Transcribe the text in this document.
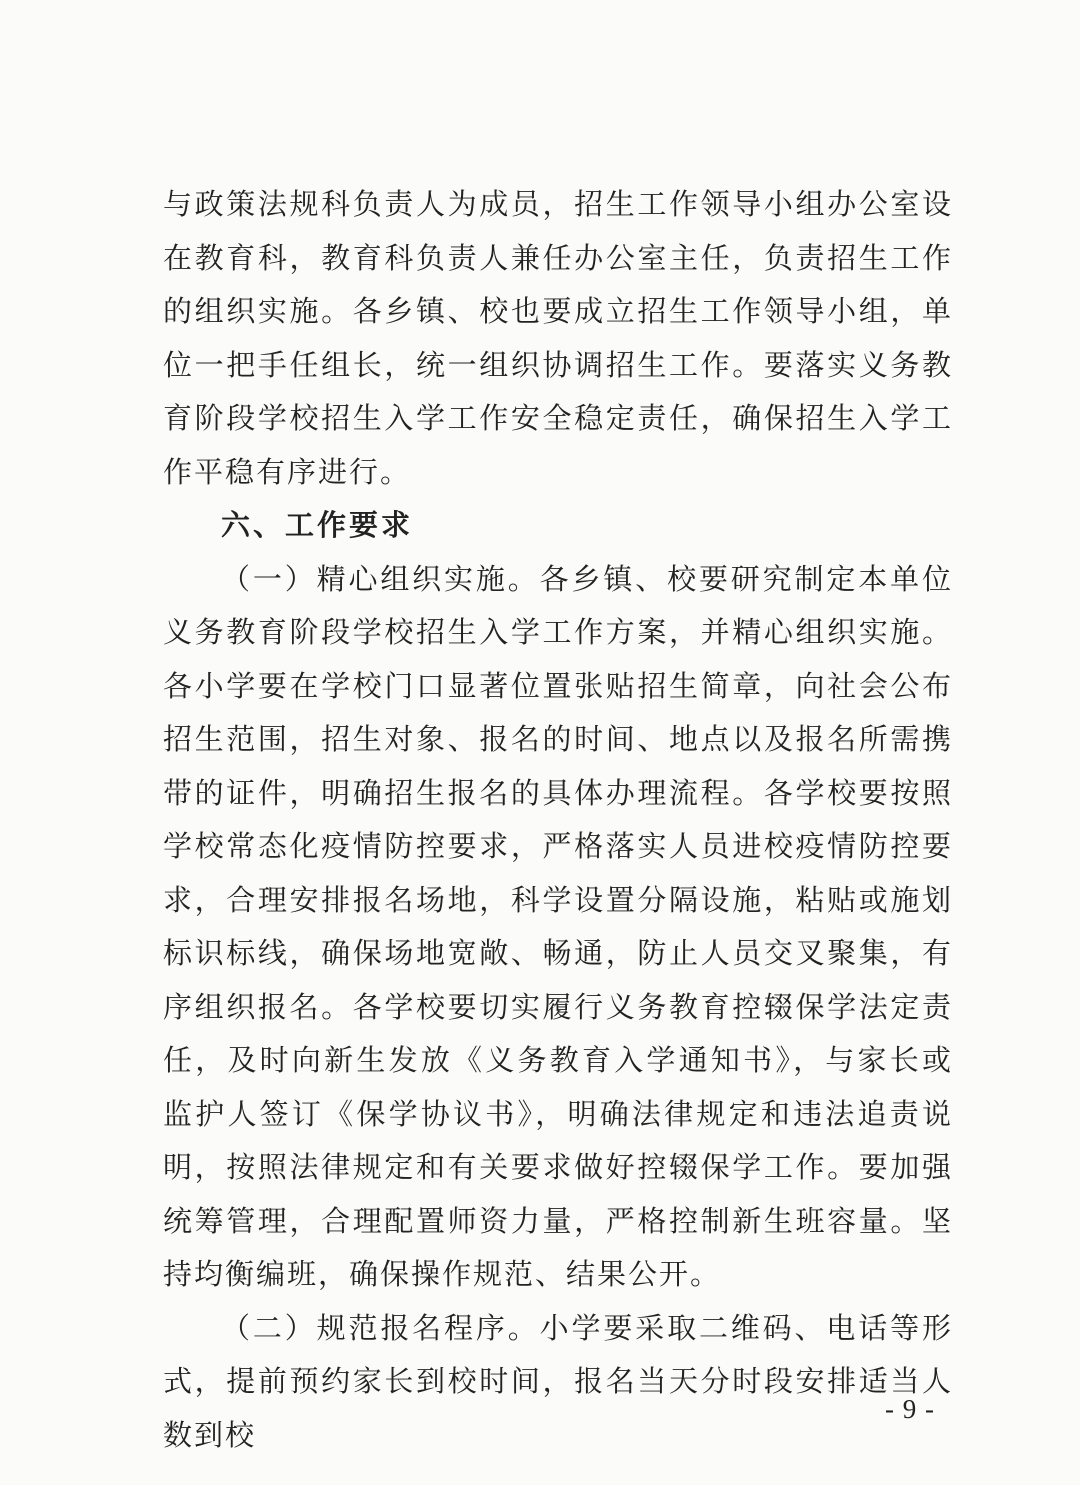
与政策法规科负责人为成员，招生工作领导小组办公室设在教育科，教育科负责人兼任办公室主任，负责招生工作的组织实施。各乡镇、校也要成立招生工作领导小组，单位一把手任组长，统一组织协调招生工作。要落实义务教育阶段学校招生入学工作安全稳定责任，确保招生入学工作平稳有序进行。

六、工作要求

（一）精心组织实施。各乡镇、校要研究制定本单位义务教育阶段学校招生入学工作方案，并精心组织实施。各小学要在学校门口显著位置张贴招生简章，向社会公布招生范围，招生对象、报名的时间、地点以及报名所需携带的证件，明确招生报名的具体办理流程。各学校要按照学校常态化疫情防控要求，严格落实人员进校疫情防控要求，合理安排报名场地，科学设置分隔设施，粘贴或施划标识标线，确保场地宽敞、畅通，防止人员交叉聚集，有序组织报名。各学校要切实履行义务教育控辍保学法定责任，及时向新生发放《义务教育入学通知书》，与家长或监护人签订《保学协议书》，明确法律规定和违法追责说明，按照法律规定和有关要求做好控辍保学工作。要加强统筹管理，合理配置师资力量，严格控制新生班容量。坚持均衡编班，确保操作规范、结果公开。

（二）规范报名程序。小学要采取二维码、电话等形式，提前预约家长到校时间，报名当天分时段安排适当人数到校

- 9 -
